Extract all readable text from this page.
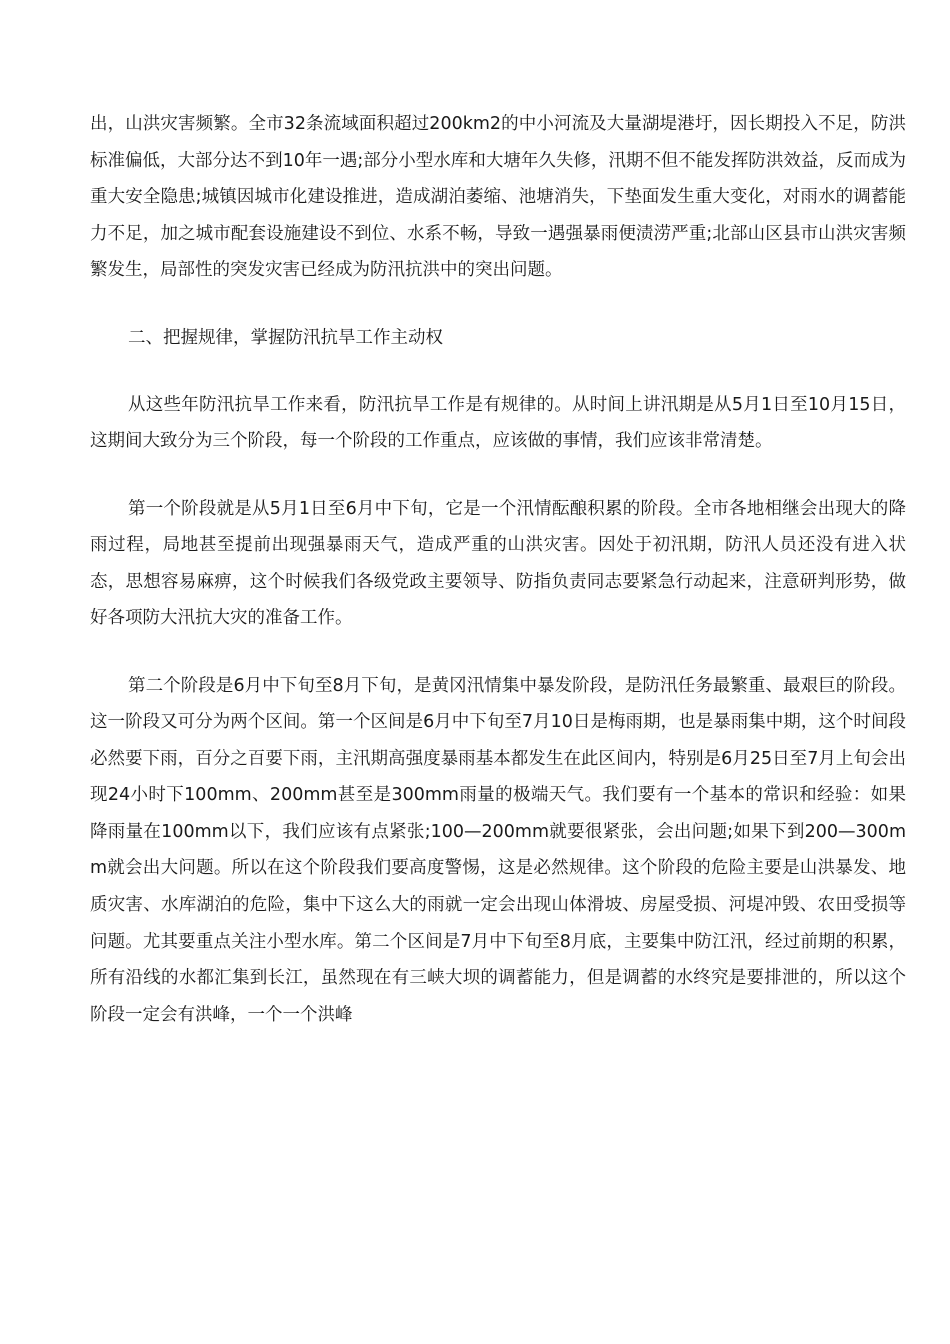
出，山洪灾害频繁。全市32条流域面积超过200km2的中小河流及大量湖堤港圩，因长期投入不足，防洪标准偏低，大部分达不到10年一遇;部分小型水库和大塘年久失修，汛期不但不能发挥防洪效益，反而成为重大安全隐患;城镇因城市化建设推进，造成湖泊萎缩、池塘消失，下垫面发生重大变化，对雨水的调蓄能力不足，加之城市配套设施建设不到位、水系不畅，导致一遇强暴雨便渍涝严重;北部山区县市山洪灾害频繁发生，局部性的突发灾害已经成为防汛抗洪中的突出问题。

二、把握规律，掌握防汛抗旱工作主动权

从这些年防汛抗旱工作来看，防汛抗旱工作是有规律的。从时间上讲汛期是从5月1日至10月15日，这期间大致分为三个阶段，每一个阶段的工作重点，应该做的事情，我们应该非常清楚。

第一个阶段就是从5月1日至6月中下旬，它是一个汛情酝酿积累的阶段。全市各地相继会出现大的降雨过程，局地甚至提前出现强暴雨天气，造成严重的山洪灾害。因处于初汛期，防汛人员还没有进入状态，思想容易麻痹，这个时候我们各级党政主要领导、防指负责同志要紧急行动起来，注意研判形势，做好各项防大汛抗大灾的准备工作。

第二个阶段是6月中下旬至8月下旬，是黄冈汛情集中暴发阶段，是防汛任务最繁重、最艰巨的阶段。这一阶段又可分为两个区间。第一个区间是6月中下旬至7月10日是梅雨期，也是暴雨集中期，这个时间段必然要下雨，百分之百要下雨，主汛期高强度暴雨基本都发生在此区间内，特别是6月25日至7月上旬会出现24小时下100mm、200mm甚至是300mm雨量的极端天气。我们要有一个基本的常识和经验：如果降雨量在100mm以下，我们应该有点紧张;100—200mm就要很紧张，会出问题;如果下到200—300mm就会出大问题。所以在这个阶段我们要高度警惕，这是必然规律。这个阶段的危险主要是山洪暴发、地质灾害、水库湖泊的危险，集中下这么大的雨就一定会出现山体滑坡、房屋受损、河堤冲毁、农田受损等问题。尤其要重点关注小型水库。第二个区间是7月中下旬至8月底，主要集中防江汛，经过前期的积累，所有沿线的水都汇集到长江，虽然现在有三峡大坝的调蓄能力，但是调蓄的水终究是要排泄的，所以这个阶段一定会有洪峰，一个一个洪峰
